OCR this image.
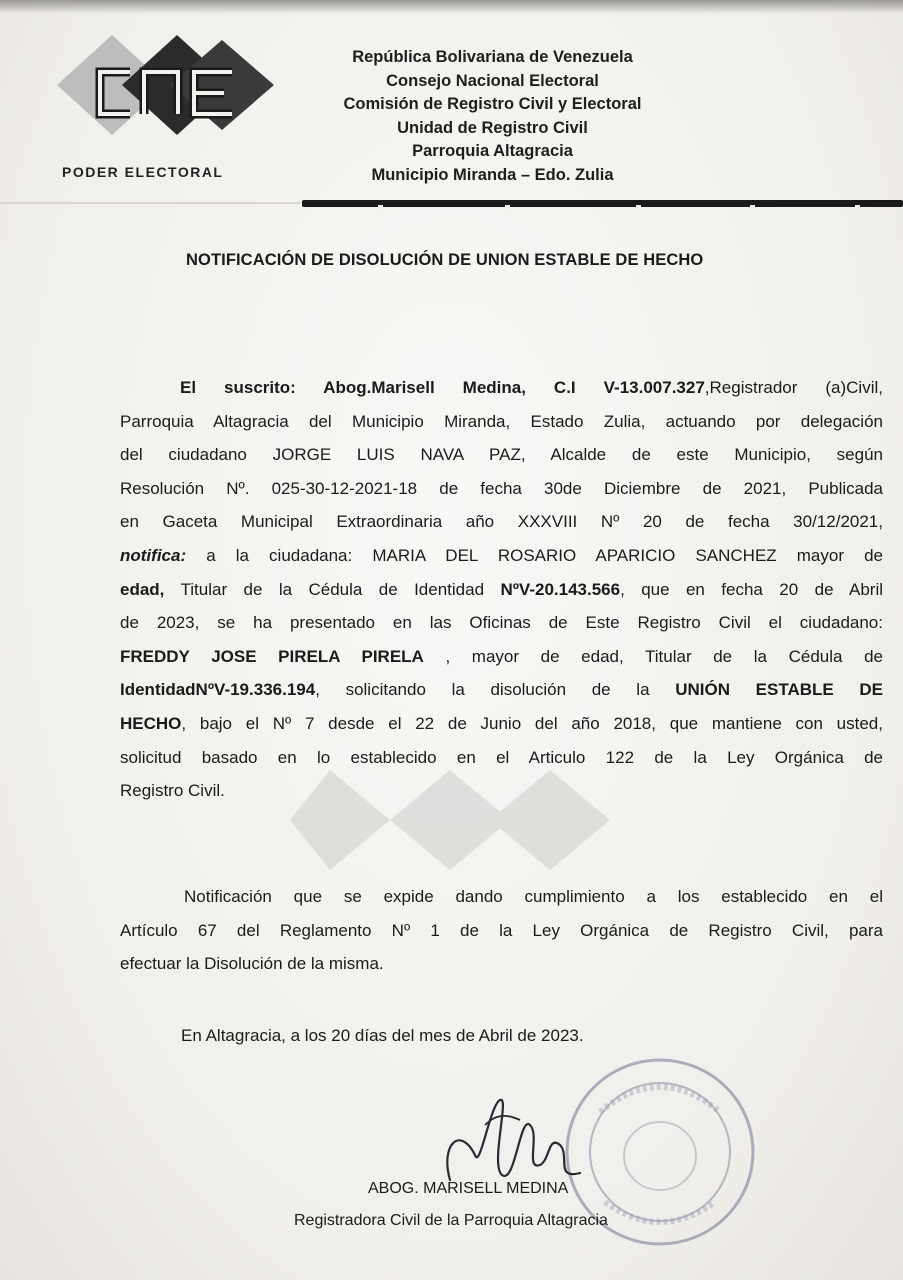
PODER ELECTORAL
República Bolivariana de Venezuela
Consejo Nacional Electoral
Comisión de Registro Civil y Electoral
Unidad de Registro Civil
Parroquia Altagracia
Municipio Miranda – Edo. Zulia
NOTIFICACIÓN DE DISOLUCIÓN DE UNION ESTABLE DE HECHO
El suscrito: Abog.Marisell Medina, C.I V-13.007.327,Registrador (a)Civil,
Parroquia Altagracia del Municipio Miranda, Estado Zulia, actuando por delegación
del ciudadano JORGE LUIS NAVA PAZ, Alcalde de este Municipio, según
Resolución Nº. 025-30-12-2021-18 de fecha 30de Diciembre de 2021, Publicada
en Gaceta Municipal Extraordinaria año XXXVIII Nº 20 de fecha 30/12/2021,
notifica: a la ciudadana: MARIA DEL ROSARIO APARICIO SANCHEZ mayor de
edad, Titular de la Cédula de Identidad NºV-20.143.566, que en fecha 20 de Abril
de 2023, se ha presentado en las Oficinas de Este Registro Civil el ciudadano:
FREDDY JOSE PIRELA PIRELA , mayor de edad, Titular de la Cédula de
IdentidadNºV-19.336.194, solicitando la disolución de la UNIÓN ESTABLE DE
HECHO, bajo el Nº 7 desde el 22 de Junio del año 2018, que mantiene con usted,
solicitud basado en lo establecido en el Articulo 122 de la Ley Orgánica de
Registro Civil.
Notificación que se expide dando cumplimiento a los establecido en el
Artículo 67 del Reglamento Nº 1 de la Ley Orgánica de Registro Civil, para
efectuar la Disolución de la misma.
En Altagracia, a los 20 días del mes de Abril de 2023.
ABOG. MARISELL MEDINA
Registradora Civil de la Parroquia Altagracia
